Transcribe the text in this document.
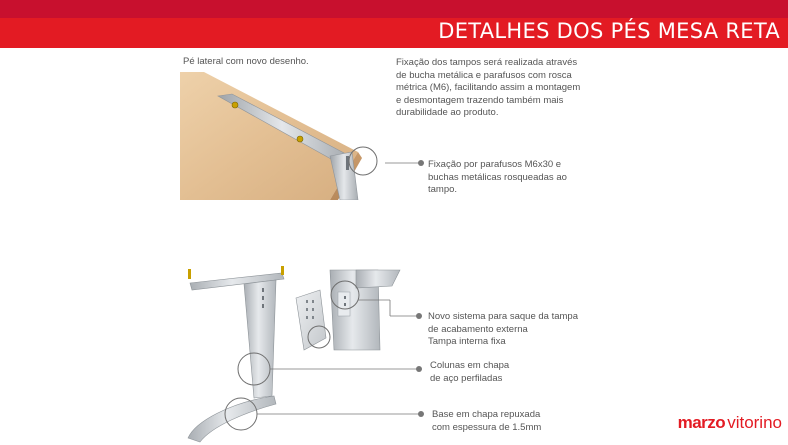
DETALHES DOS PÉS MESA RETA
Pé lateral com novo desenho.	Fixação dos tampos será realizada através
de bucha metálica e parafusos com rosca
métrica (M6), facilitando assim a montagem
e desmontagem trazendo também mais
durabilidade ao produto.
Fixação por parafusos M6x30 e
buchas metálicas rosqueadas ao
tampo.
Novo sistema para saque da tampa
de acabamento externa
Tampa interna fixa
Colunas em chapa
de aço perfiladas
Base em chapa repuxada
com espessura de 1.5mm	marzo vitorino
